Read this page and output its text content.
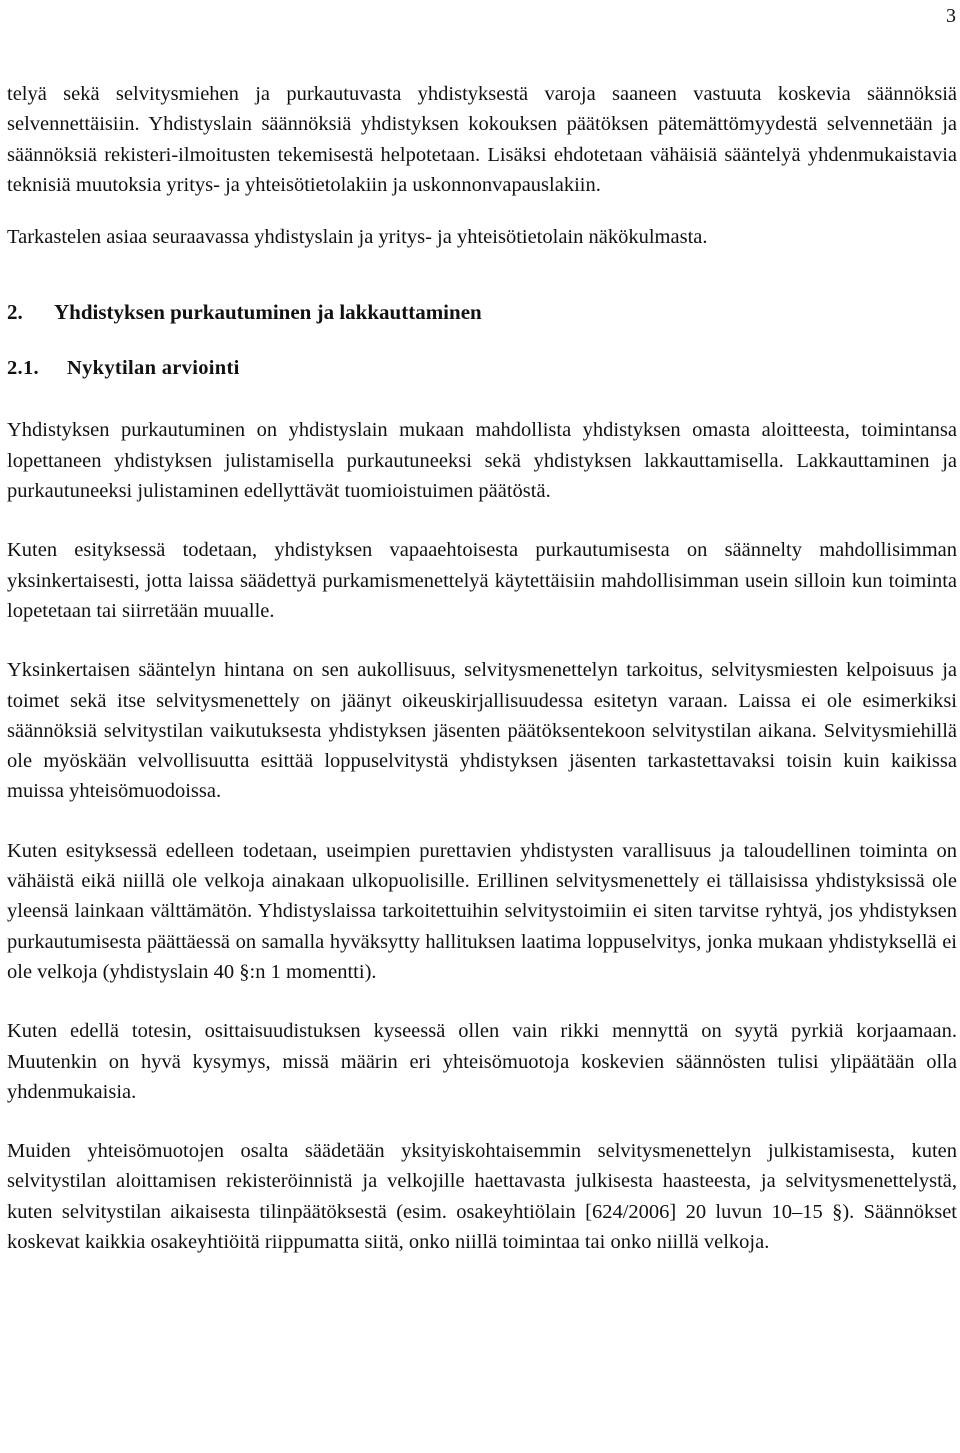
3

telyä sekä selvitysmiehen ja purkautuvasta yhdistyksestä varoja saaneen vastuuta koskevia säännöksiä selvennettäisiin. Yhdistyslain säännöksiä yhdistyksen kokouksen päätöksen pätemättömyydestä selvennetään ja säännöksiä rekisteri-ilmoitusten tekemisestä helpotetaan. Lisäksi ehdotetaan vähäisiä sääntelyä yhdenmukaistavia teknisiä muutoksia yritys- ja yhteisötietolakiin ja uskonnonvapauslakiin.

Tarkastelen asiaa seuraavassa yhdistyslain ja yritys- ja yhteisötietolain näkökulmasta.

2. Yhdistyksen purkautuminen ja lakkauttaminen
2.1. Nykytilan arviointi

Yhdistyksen purkautuminen on yhdistyslain mukaan mahdollista yhdistyksen omasta aloitteesta, toimintansa lopettaneen yhdistyksen julistamisella purkautuneeksi sekä yhdistyksen lakkauttamisella. Lakkauttaminen ja purkautuneeksi julistaminen edellyttävät tuomioistuimen päätöstä.

Kuten esityksessä todetaan, yhdistyksen vapaaehtoisesta purkautumisesta on säännelty mahdollisimman yksinkertaisesti, jotta laissa säädettyä purkamismenettelyä käytettäisiin mahdollisimman usein silloin kun toiminta lopetetaan tai siirretään muualle.

Yksinkertaisen sääntelyn hintana on sen aukollisuus, selvitysmenettelyn tarkoitus, selvitysmiesten kelpoisuus ja toimet sekä itse selvitysmenettely on jäänyt oikeuskirjallisuudessa esitetyn varaan. Laissa ei ole esimerkiksi säännöksiä selvitystilan vaikutuksesta yhdistyksen jäsenten päätöksentekoon selvitystilan aikana. Selvitysmiehillä ole myöskään velvollisuutta esittää loppuselvitystä yhdistyksen jäsenten tarkastettavaksi toisin kuin kaikissa muissa yhteisömuodoissa.

Kuten esityksessä edelleen todetaan, useimpien purettavien yhdistysten varallisuus ja taloudellinen toiminta on vähäistä eikä niillä ole velkoja ainakaan ulkopuolisille. Erillinen selvitysmenettely ei tällaisissa yhdistyksissä ole yleensä lainkaan välttämätön. Yhdistyslaissa tarkoitettuihin selvitystoimiin ei siten tarvitse ryhtyä, jos yhdistyksen purkautumisesta päättäessä on samalla hyväksytty hallituksen laatima loppuselvitys, jonka mukaan yhdistyksellä ei ole velkoja (yhdistyslain 40 §:n 1 momentti).

Kuten edellä totesin, osittaisuudistuksen kyseessä ollen vain rikki mennyttä on syytä pyrkiä korjaamaan. Muutenkin on hyvä kysymys, missä määrin eri yhteisömuotoja koskevien säännösten tulisi ylipäätään olla yhdenmukaisia.

Muiden yhteisömuotojen osalta säädetään yksityiskohtaisemmin selvitysmenettelyn julkistamisesta, kuten selvitystilan aloittamisen rekisteröinnistä ja velkojille haettavasta julkisesta haasteesta, ja selvitysmenettelystä, kuten selvitystilan aikaisesta tilinpäätöksestä (esim. osakeyhtiölain [624/2006] 20 luvun 10–15 §). Säännökset koskevat kaikkia osakeyhtiöitä riippumatta siitä, onko niillä toimintaa tai onko niillä velkoja.
